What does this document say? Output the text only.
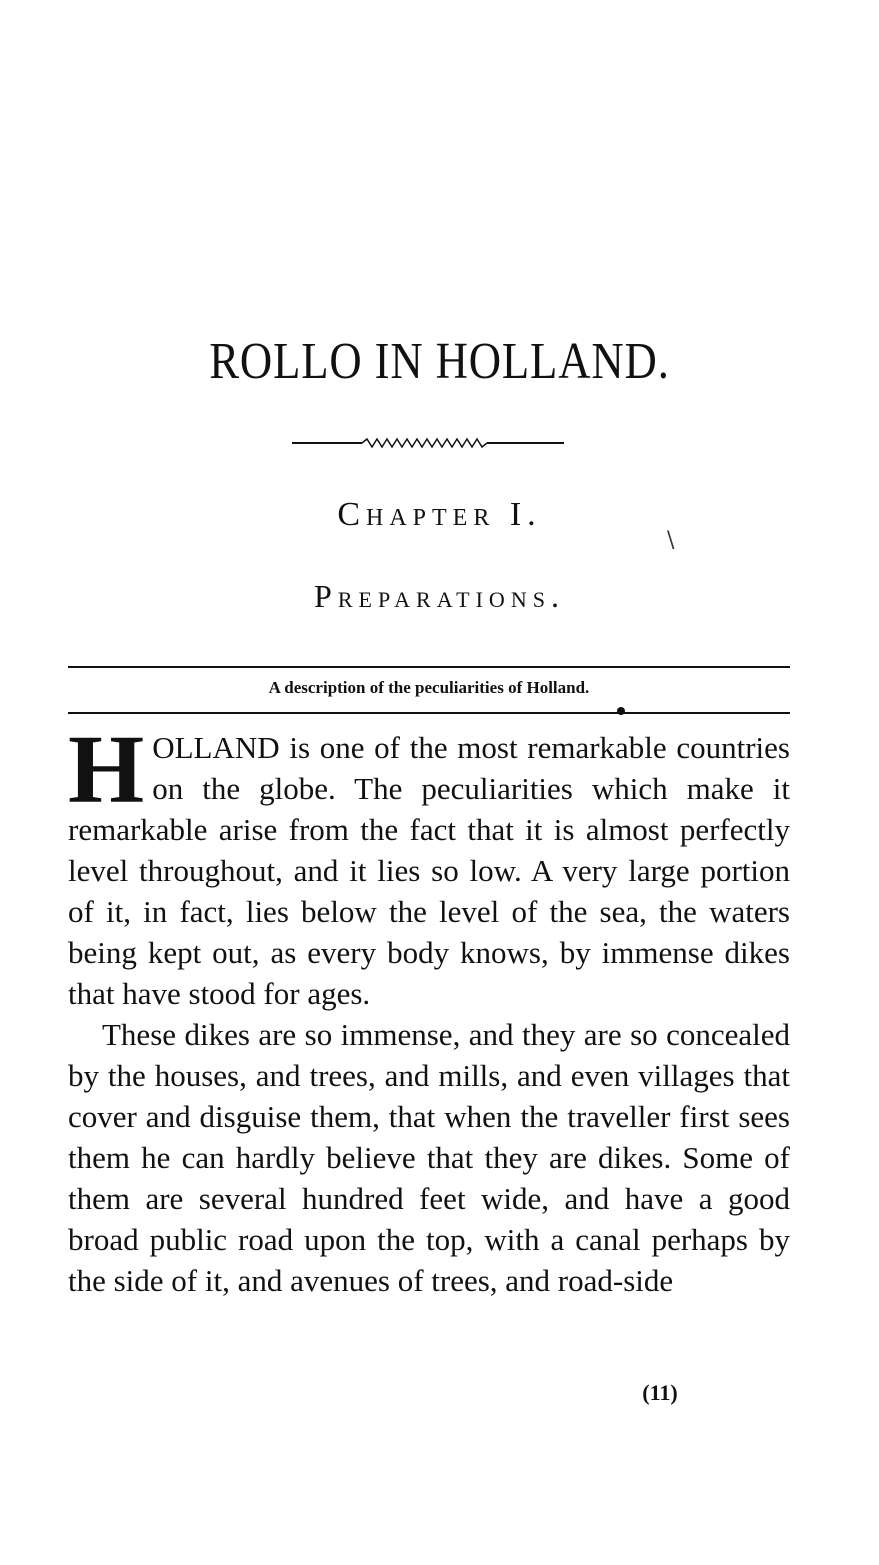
ROLLO IN HOLLAND.
Chapter I.
\
Preparations.
A description of the peculiarities of Holland.

HOLLAND is one of the most remarkable countries on the globe. The peculiarities which make it remarkable arise from the fact that it is almost perfectly level throughout, and it lies so low. A very large portion of it, in fact, lies below the level of the sea, the waters being kept out, as every body knows, by immense dikes that have stood for ages.

These dikes are so immense, and they are so concealed by the houses, and trees, and mills, and even villages that cover and disguise them, that when the traveller first sees them he can hardly believe that they are dikes. Some of them are several hundred feet wide, and have a good broad public road upon the top, with a canal perhaps by the side of it, and avenues of trees, and road-side

(11)
